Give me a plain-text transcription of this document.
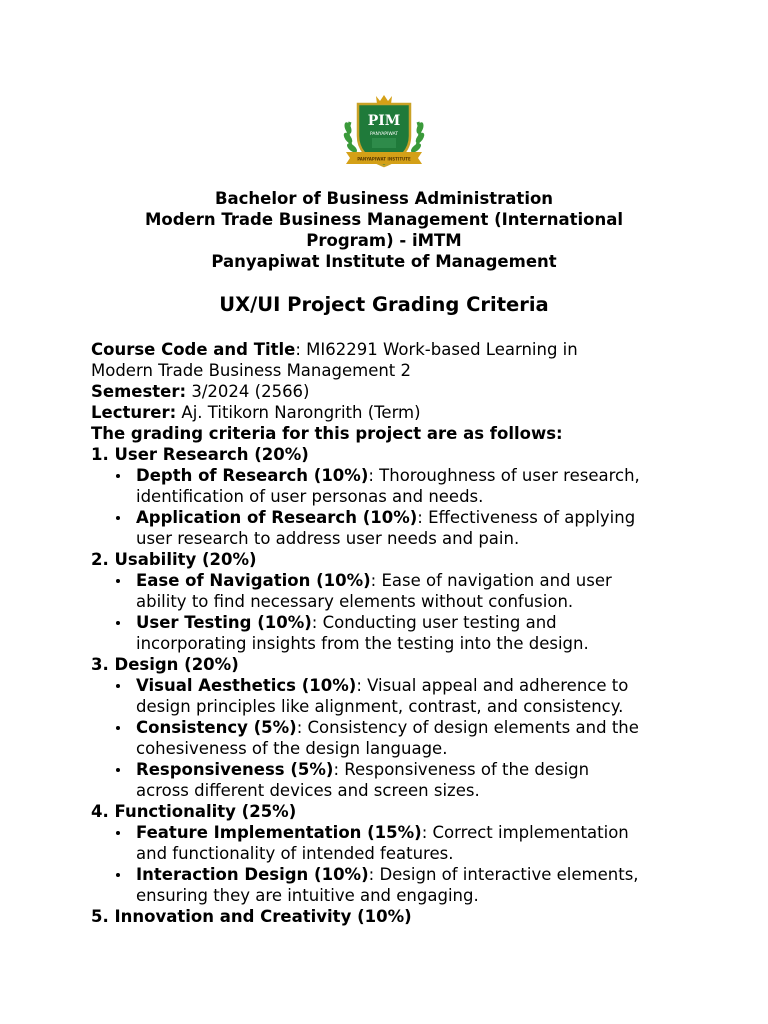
PIM
PANYAPIWAT
PANYAPIWAT INSTITUTE
Bachelor of Business Administration
Modern Trade Business Management (International
Program) - iMTM
Panyapiwat Institute of Management
UX/UI Project Grading Criteria

Course Code and Title: MI62291 Work-based Learning in
Modern Trade Business Management 2

Semester: 3/2024 (2566)

Lecturer: Aj. Titikorn Narongrith (Term)

The grading criteria for this project are as follows:

1. User Research (20%)

Depth of Research (10%): Thoroughness of user research,
identification of user personas and needs.
Application of Research (10%): Effectiveness of applying
user research to address user needs and pain.

2. Usability (20%)

Ease of Navigation (10%): Ease of navigation and user
ability to find necessary elements without confusion.
User Testing (10%): Conducting user testing and
incorporating insights from the testing into the design.

3. Design (20%)

Visual Aesthetics (10%): Visual appeal and adherence to
design principles like alignment, contrast, and consistency.
Consistency (5%): Consistency of design elements and the
cohesiveness of the design language.
Responsiveness (5%): Responsiveness of the design
across different devices and screen sizes.

4. Functionality (25%)

Feature Implementation (15%): Correct implementation
and functionality of intended features.
Interaction Design (10%): Design of interactive elements,
ensuring they are intuitive and engaging.

5. Innovation and Creativity (10%)
